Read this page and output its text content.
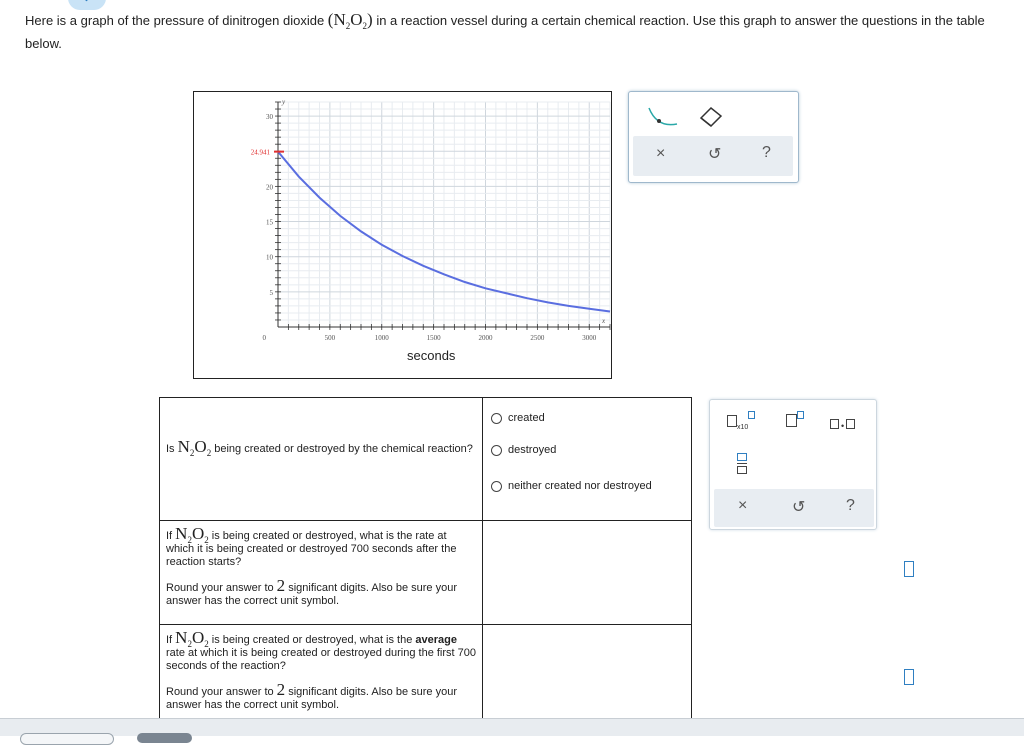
Here is a graph of the pressure of dinitrogen dioxide $(N_2O_2)$ in a reaction vessel during a certain chemical reaction. Use this graph to answer the questions in the table below.
500	1000	1500	2000	2500	3000
0
5
10
15
20
30
y
x
24.941
seconds
×	↺	?
Is $N_2O_2$ being created or destroyed by the chemical reaction?	created
destroyed
neither created nor destroyed

If $N_2O_2$ is being created or destroyed, what is the rate at which it is being created or destroyed 700 seconds after the reaction starts?

Round your answer to 2 significant digits. Also be sure your answer has the correct unit symbol.	

If $N_2O_2$ is being created or destroyed, what is the average rate at which it is being created or destroyed during the first 700 seconds of the reaction?

Round your answer to 2 significant digits. Also be sure your answer has the correct unit symbol.	

x10	•
×	↺	?
